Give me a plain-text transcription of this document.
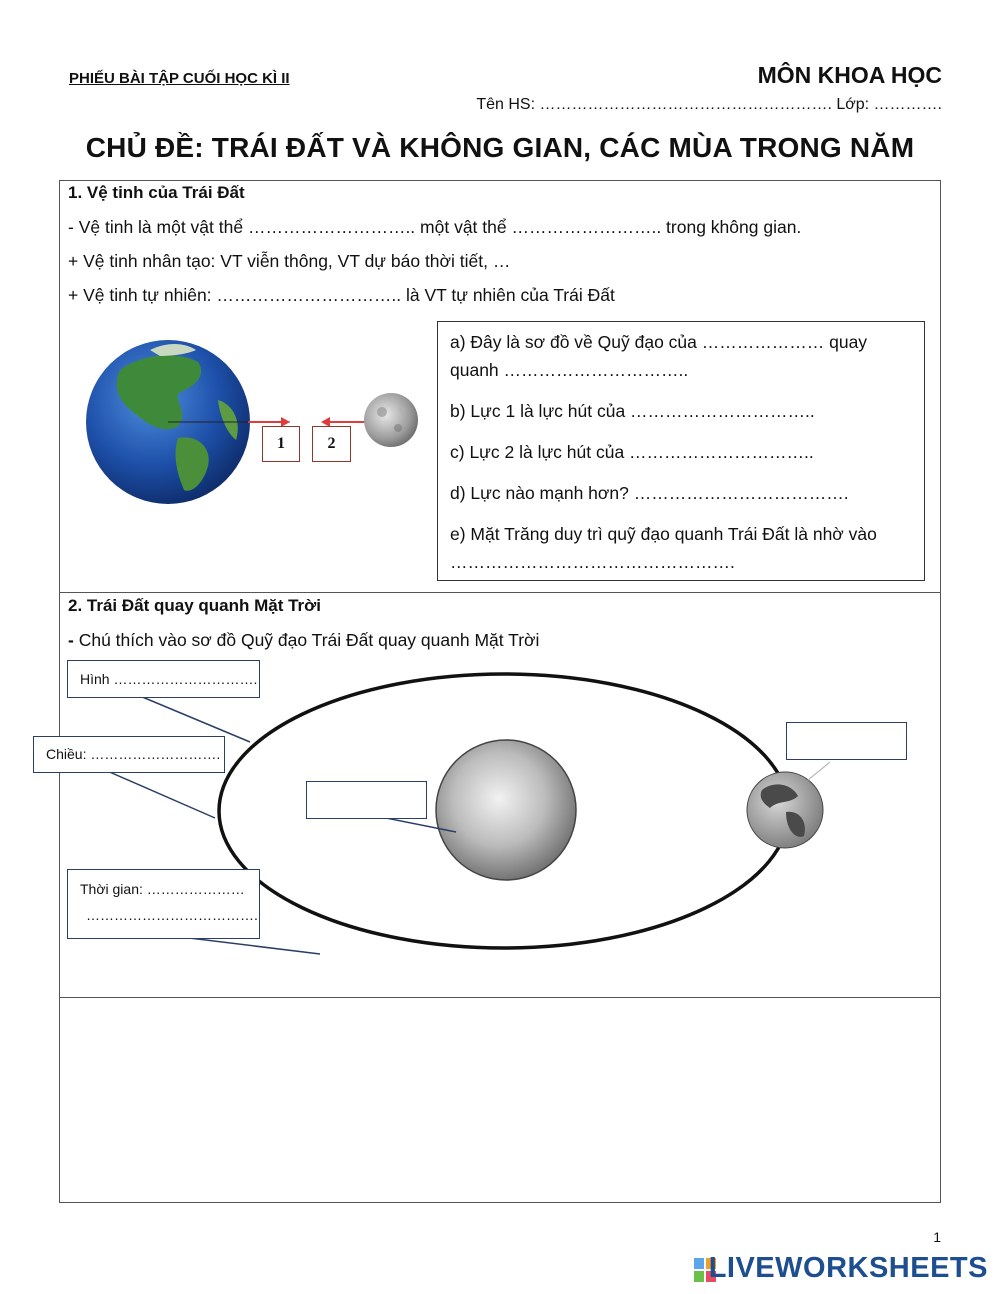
PHIẾU BÀI TẬP CUỐI HỌC KÌ II	MÔN KHOA HỌC
Tên HS: ………………………………………………. Lớp: ………….
CHỦ ĐỀ: TRÁI ĐẤT VÀ KHÔNG GIAN, CÁC MÙA TRONG NĂM
1. Vệ tinh của Trái Đất
- Vệ tinh là một vật thể ……………………….. một vật thể …………………….. trong không gian.
+ Vệ tinh nhân tạo: VT viễn thông, VT dự báo thời tiết, …
+ Vệ tinh tự nhiên: ………………………….. là VT tự nhiên của Trái Đất
1	2

a) Đây là sơ đồ về Quỹ đạo của ………………… quay quanh …………………………..

b) Lực 1 là lực hút của …………………………..

c) Lực 2 là lực hút của …………………………..

d) Lực nào mạnh hơn? ……………………………….

e) Mặt Trăng duy trì quỹ đạo quanh Trái Đất là nhờ vào ………………………………………….

2. Trái Đất quay quanh Mặt Trời
- Chú thích vào sơ đồ Quỹ đạo Trái Đất quay quanh Mặt Trời
Hình ………………………….
Chiều: ……………………….
Thời gian: …………………
……………………………….
1
LIVEWORKSHEETS
